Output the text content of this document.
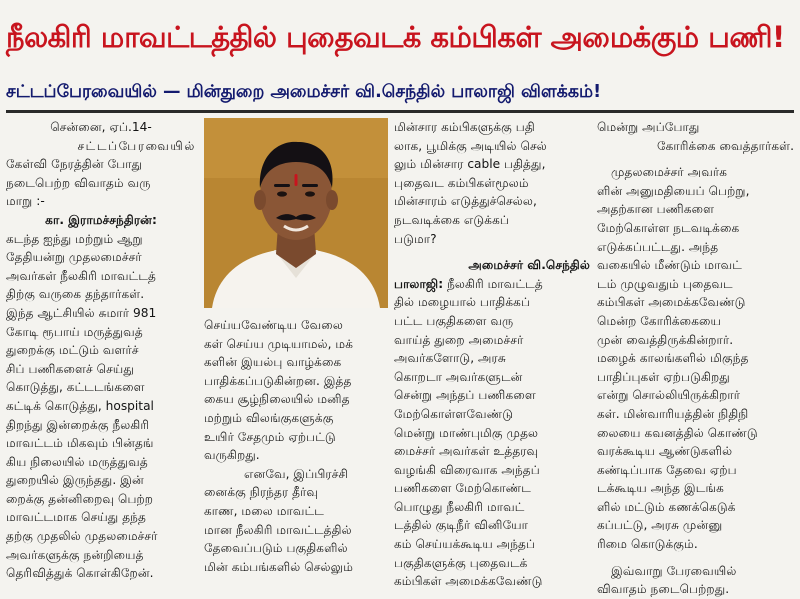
நீலகிரி மாவட்டத்தில் புதைவடக் கம்பிகள் அமைக்கும் பணி!
சட்டப்பேரவையில் — மின்துறை அமைச்சர் வி.செந்தில் பாலாஜி விளக்கம்!

சென்னை, ஏப்.14-

சட்டப்பேரவையில்

கேள்வி நேரத்தின் போது

நடைபெற்ற விவாதம் வரு

மாறு :-

கா. இராமச்சந்திரன்:

கடந்த ஐந்து மற்றும் ஆறு

தேதியன்று முதலமைச்சர்

அவர்கள் நீலகிரி மாவட்டத்

திற்கு வருகை தந்தார்கள்.

இந்த ஆட்சியில் சுமார் 981

கோடி ரூபாய் மருத்துவத்

துறைக்கு மட்டும் வளர்ச்

சிப் பணிகளைச் செய்து

கொடுத்து, கட்டடங்களை

கட்டிக் கொடுத்து, hospital

திறந்து இன்றைக்கு நீலகிரி

மாவட்டம் மிகவும் பின்தங்

கிய நிலையில் மருத்துவத்

துறையில் இருந்தது. இன்

றைக்கு தன்னிறைவு பெற்ற

மாவட்டமாக செய்து தந்த

தற்கு முதலில் முதலமைச்சர்

அவர்களுக்கு நன்றியைத்

தெரிவித்துக் கொள்கிறேன்.

செய்யவேண்டிய வேலை

கள் செய்ய முடியாமல், மக்

களின் இயல்பு வாழ்க்கை

பாதிக்கப்படுகின்றன. இத்த

கைய சூழ்நிலையில் மனித

மற்றும் விலங்குகளுக்கு

உயிர் சேதமும் ஏற்பட்டு

வருகிறது.

எனவே, இப்பிரச்சி

னைக்கு நிரந்தர தீர்வு

காண, மலை மாவட்ட

மான நீலகிரி மாவட்டத்தில்

தேவைப்படும் பகுதிகளில்

மின் கம்பங்களில் செல்லும்

மின்சார கம்பிகளுக்கு பதி

லாக, பூமிக்கு அடியில் செல்

லும் மின்சார cable பதித்து,

புதைவட கம்பிகள்மூலம்

மின்சாரம் எடுத்துச்செல்ல,

நடவடிக்கை எடுக்கப்

படுமா?

அமைச்சர் வி.செந்தில்

பாலாஜி: நீலகிரி மாவட்டத்

தில் மழையால் பாதிக்கப்

பட்ட பகுதிகளை வரு

வாய்த் துறை அமைச்சர்

அவர்களோடு, அரசு

கொறடா அவர்களுடன்

சென்று அந்தப் பணிகளை

மேற்கொள்ளவேண்டு

மென்று மாண்புமிகு முதல

மைச்சர் அவர்கள் உத்தரவு

வழங்கி விரைவாக அந்தப்

பணிகளை மேற்கொண்ட

பொழுது நீலகிரி மாவட்

டத்தில் குடிநீர் வினியோ

கம் செய்யக்கூடிய அந்தப்

பகுதிகளுக்கு புதைவடக்

கம்பிகள் அமைக்கவேண்டு

மென்று அப்போது

கோரிக்கை வைத்தார்கள்.

முதலமைச்சர் அவர்க

ளின் அனுமதியைப் பெற்று,

அதற்கான பணிகளை

மேற்கொள்ள நடவடிக்கை

எடுக்கப்பட்டது. அந்த

வகையில் மீண்டும் மாவட்

டம் முழுவதும் புதைவட

கம்பிகள் அமைக்கவேண்டு

மென்ற கோரிக்கையை

முன் வைத்திருக்கின்றார்.

மழைக் காலங்களில் மிகுந்த

பாதிப்புகள் ஏற்படுகிறது

என்று சொல்லியிருக்கிறார்

கள். மின்வாரியத்தின் நிதிநி

லையை கவனத்தில் கொண்டு

வரக்கூடிய ஆண்டுகளில்

கண்டிப்பாக தேவை ஏற்ப

டக்கூடிய அந்த இடங்க

ளில் மட்டும் கணக்கெடுக்

கப்பட்டு, அரசு முன்னு

ரிமை கொடுக்கும்.

இவ்வாறு பேரவையில்

விவாதம் நடைபெற்றது.
